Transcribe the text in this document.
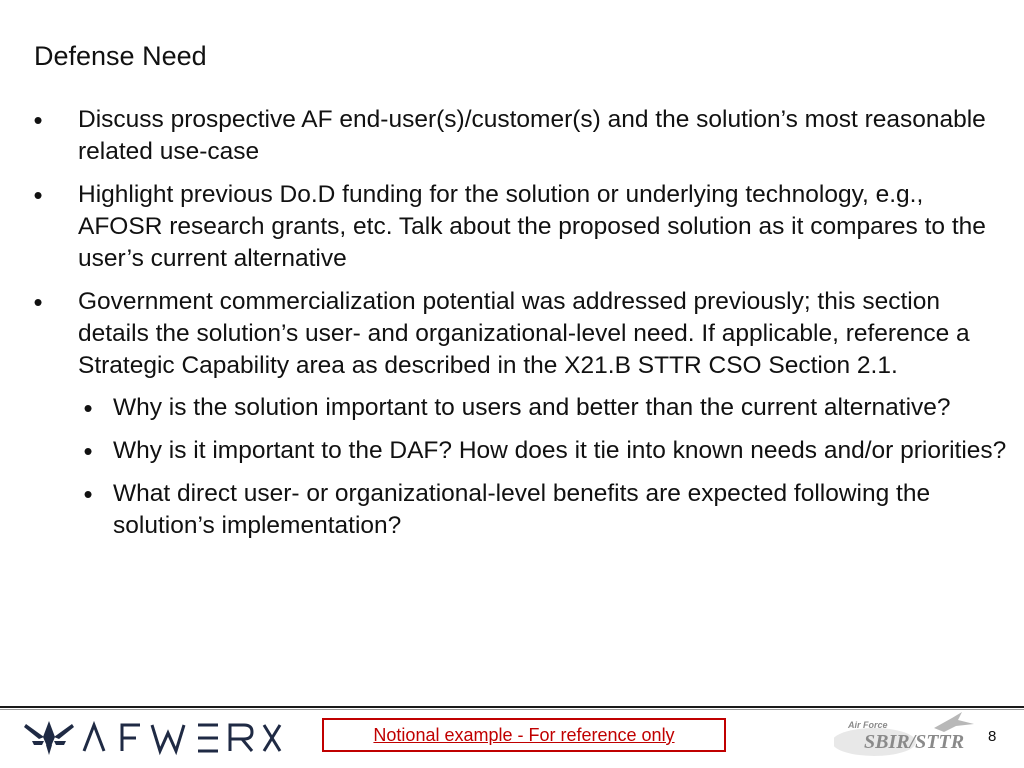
Defense Need
• Discuss prospective AF end-user(s)/customer(s) and the solution’s most reasonable related use-case
• Highlight previous Do.D funding for the solution or underlying technology, e.g., AFOSR research grants, etc. Talk about the proposed solution as it compares to the user’s current alternative
• Government commercialization potential was addressed previously; this section details the solution’s user- and organizational-level need. If applicable, reference a Strategic Capability area as described in the X21.B STTR CSO Section 2.1.
• Why is the solution important to users and better than the current alternative?
• Why is it important to the DAF? How does it tie into known needs and/or priorities?
• What direct user- or organizational-level benefits are expected following the solution’s implementation?
Notional example - For reference only	Air Force
SBIR/STTR 8
